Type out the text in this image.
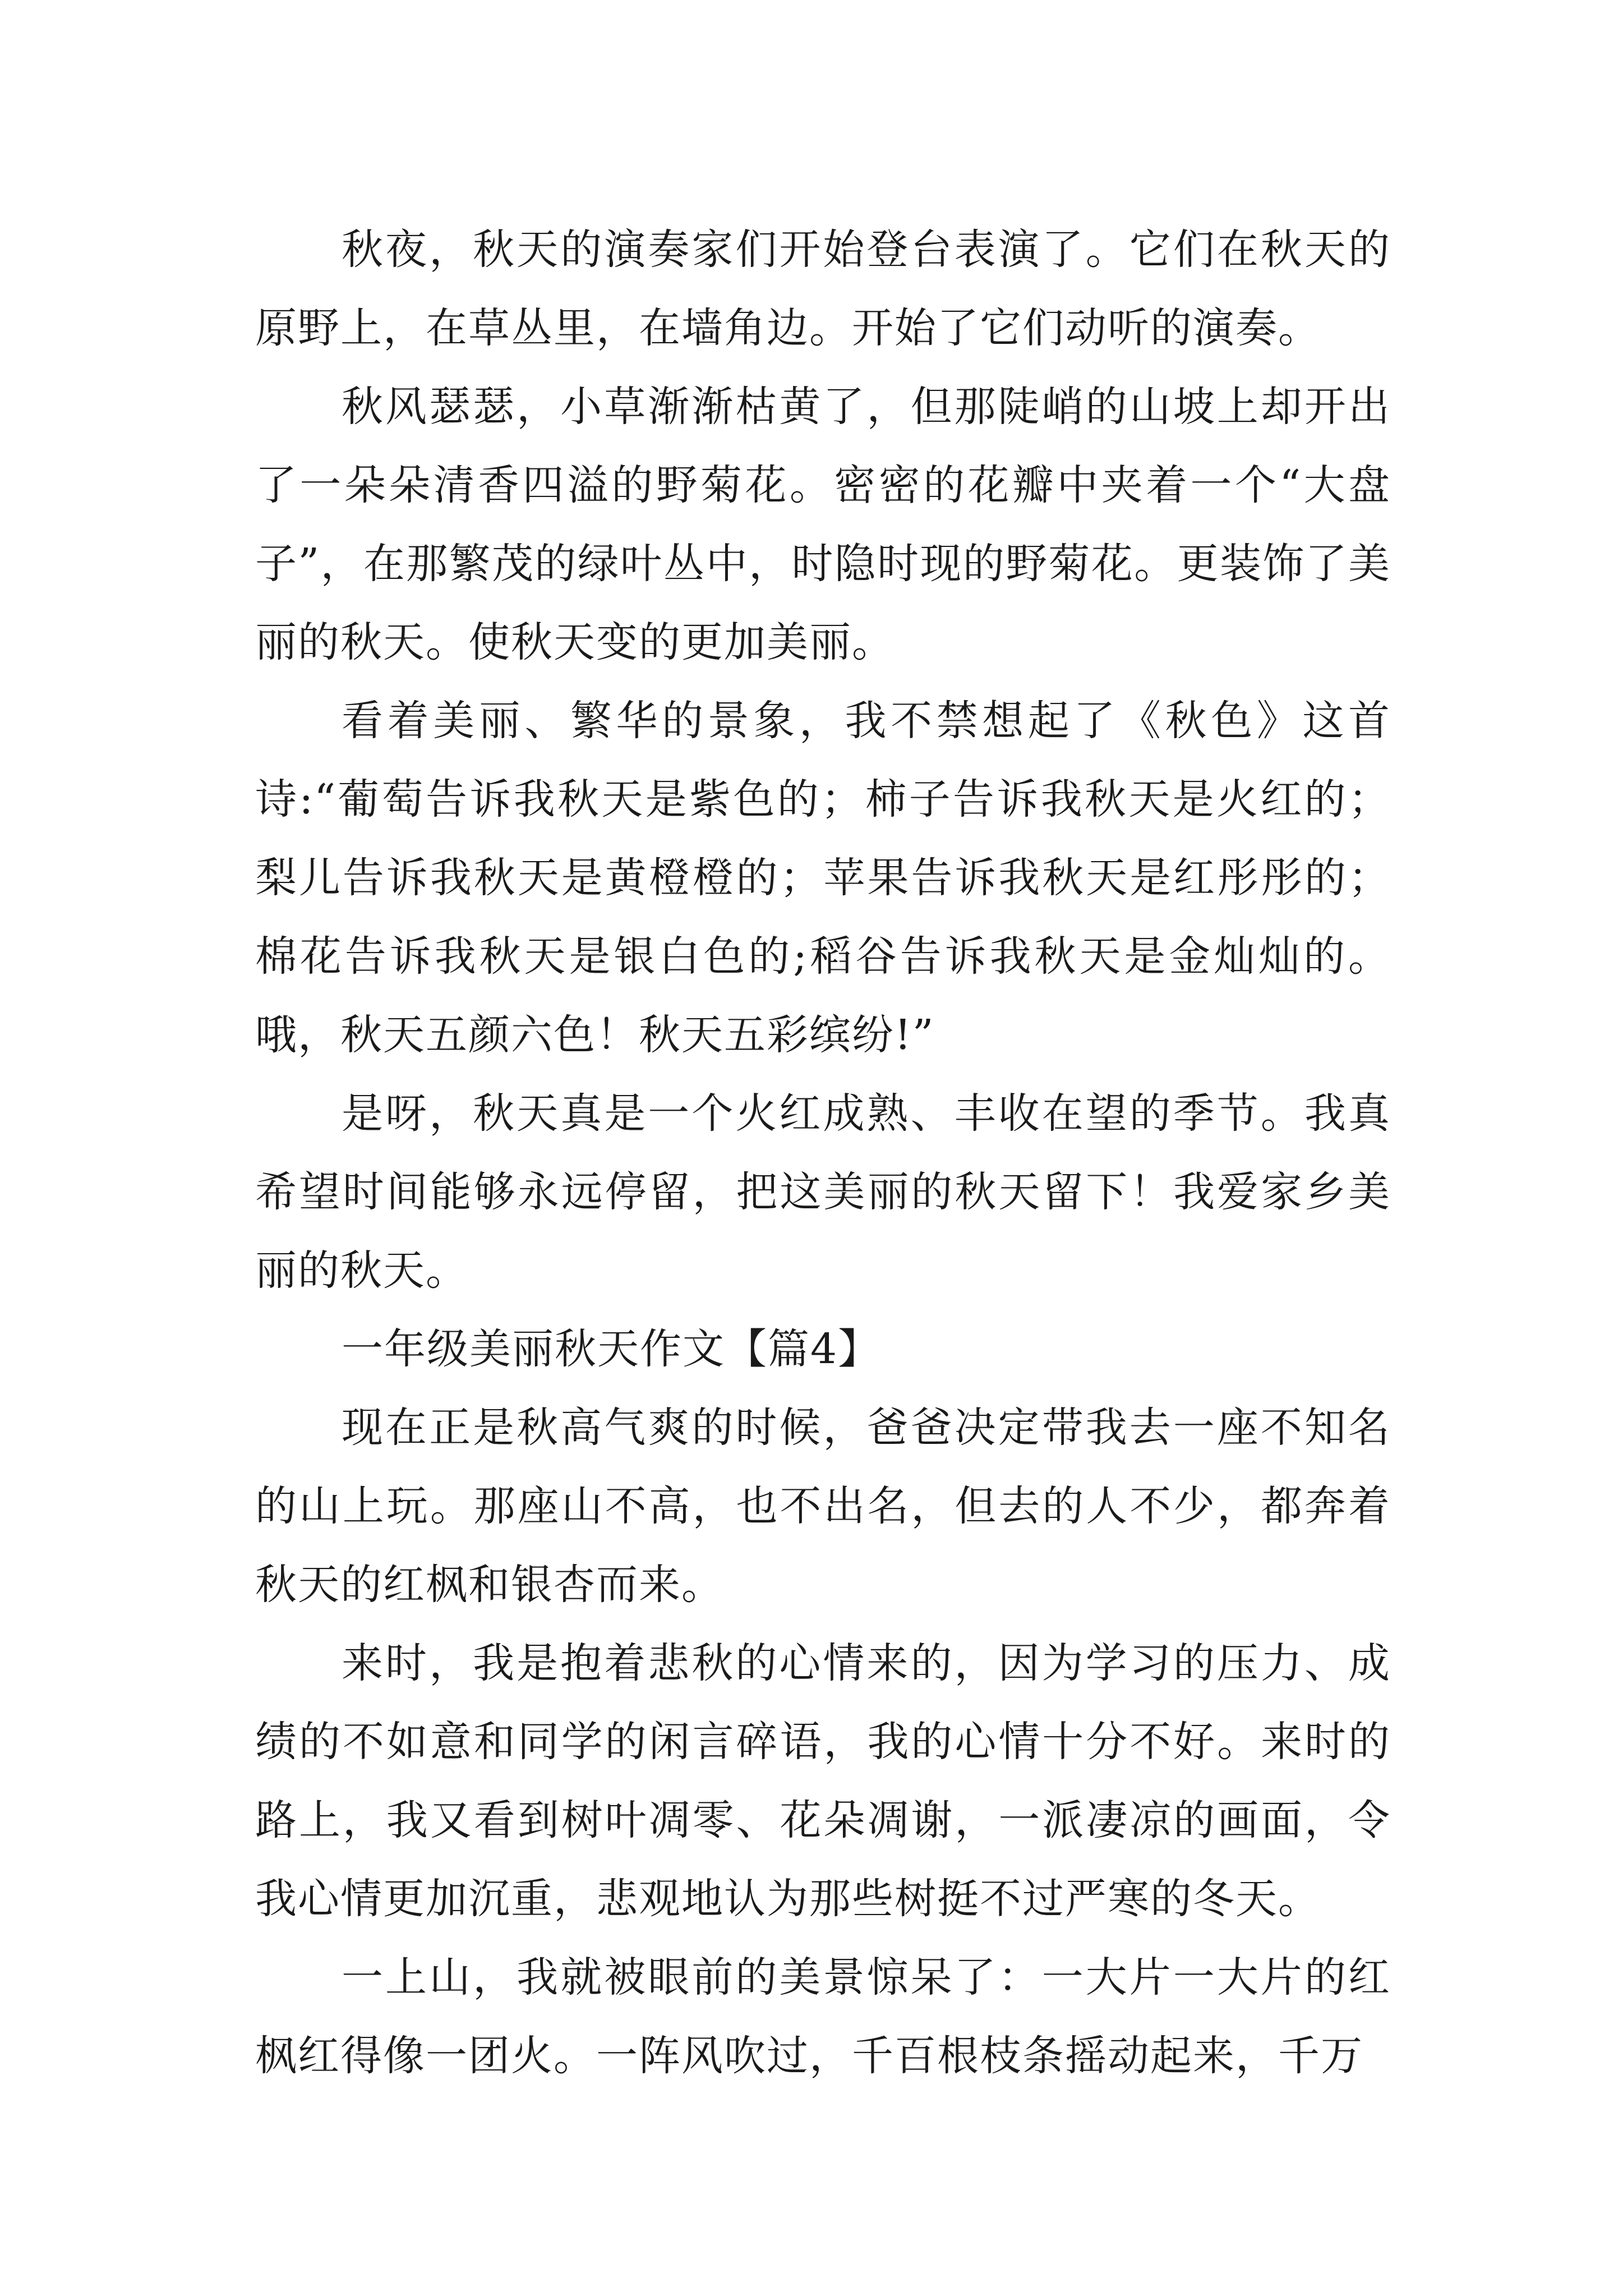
秋夜，秋天的演奏家们开始登台表演了。它们在秋天的原野上，在草丛里，在墙角边。开始了它们动听的演奏。

秋风瑟瑟，小草渐渐枯黄了，但那陡峭的山坡上却开出了一朵朵清香四溢的野菊花。密密的花瓣中夹着一个“大盘子”，在那繁茂的绿叶丛中，时隐时现的野菊花。更装饰了美丽的秋天。使秋天变的更加美丽。

看着美丽、繁华的景象，我不禁想起了《秋色》这首诗:“葡萄告诉我秋天是紫色的；柿子告诉我秋天是火红的；梨儿告诉我秋天是黄橙橙的；苹果告诉我秋天是红彤彤的；棉花告诉我秋天是银白色的;稻谷告诉我秋天是金灿灿的。哦，秋天五颜六色！秋天五彩缤纷!”

是呀，秋天真是一个火红成熟、丰收在望的季节。我真希望时间能够永远停留，把这美丽的秋天留下！我爱家乡美丽的秋天。

一年级美丽秋天作文【篇4】

现在正是秋高气爽的时候，爸爸决定带我去一座不知名的山上玩。那座山不高，也不出名，但去的人不少，都奔着秋天的红枫和银杏而来。

来时，我是抱着悲秋的心情来的，因为学习的压力、成绩的不如意和同学的闲言碎语，我的心情十分不好。来时的路上，我又看到树叶凋零、花朵凋谢，一派凄凉的画面，令我心情更加沉重，悲观地认为那些树挺不过严寒的冬天。

一上山，我就被眼前的美景惊呆了：一大片一大片的红枫红得像一团火。一阵风吹过，千百根枝条摇动起来，千万
